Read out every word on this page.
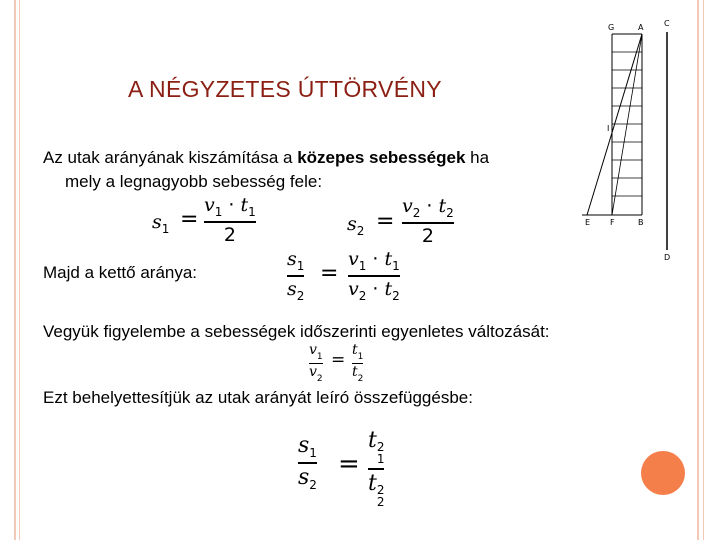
A NÉGYZETES ÚTTÖRVÉNY
Az utak arányának kiszámítása a közepes sebességek ha
mely a legnagyobb sebesség fele:
$s_1$ =
$v_1 \cdot t_1$
2	$s_2$ =
$v_2 \cdot t_2$
2
Majd a kettő aránya:
$s_1$
$s_2$
=
$v_1 \cdot t_1$
$v_2 \cdot t_2$
Vegyük figyelembe a sebességek időszerinti egyenletes változását:
$v_1$
$v_2$
= $t_1$
$t_2$
Ezt behelyettesítjük az utak arányát leíró összefüggésbe:
$s_1$
$s_2$
=
t 2
1
t 2
2
G	A	C
I
E F	B
D
